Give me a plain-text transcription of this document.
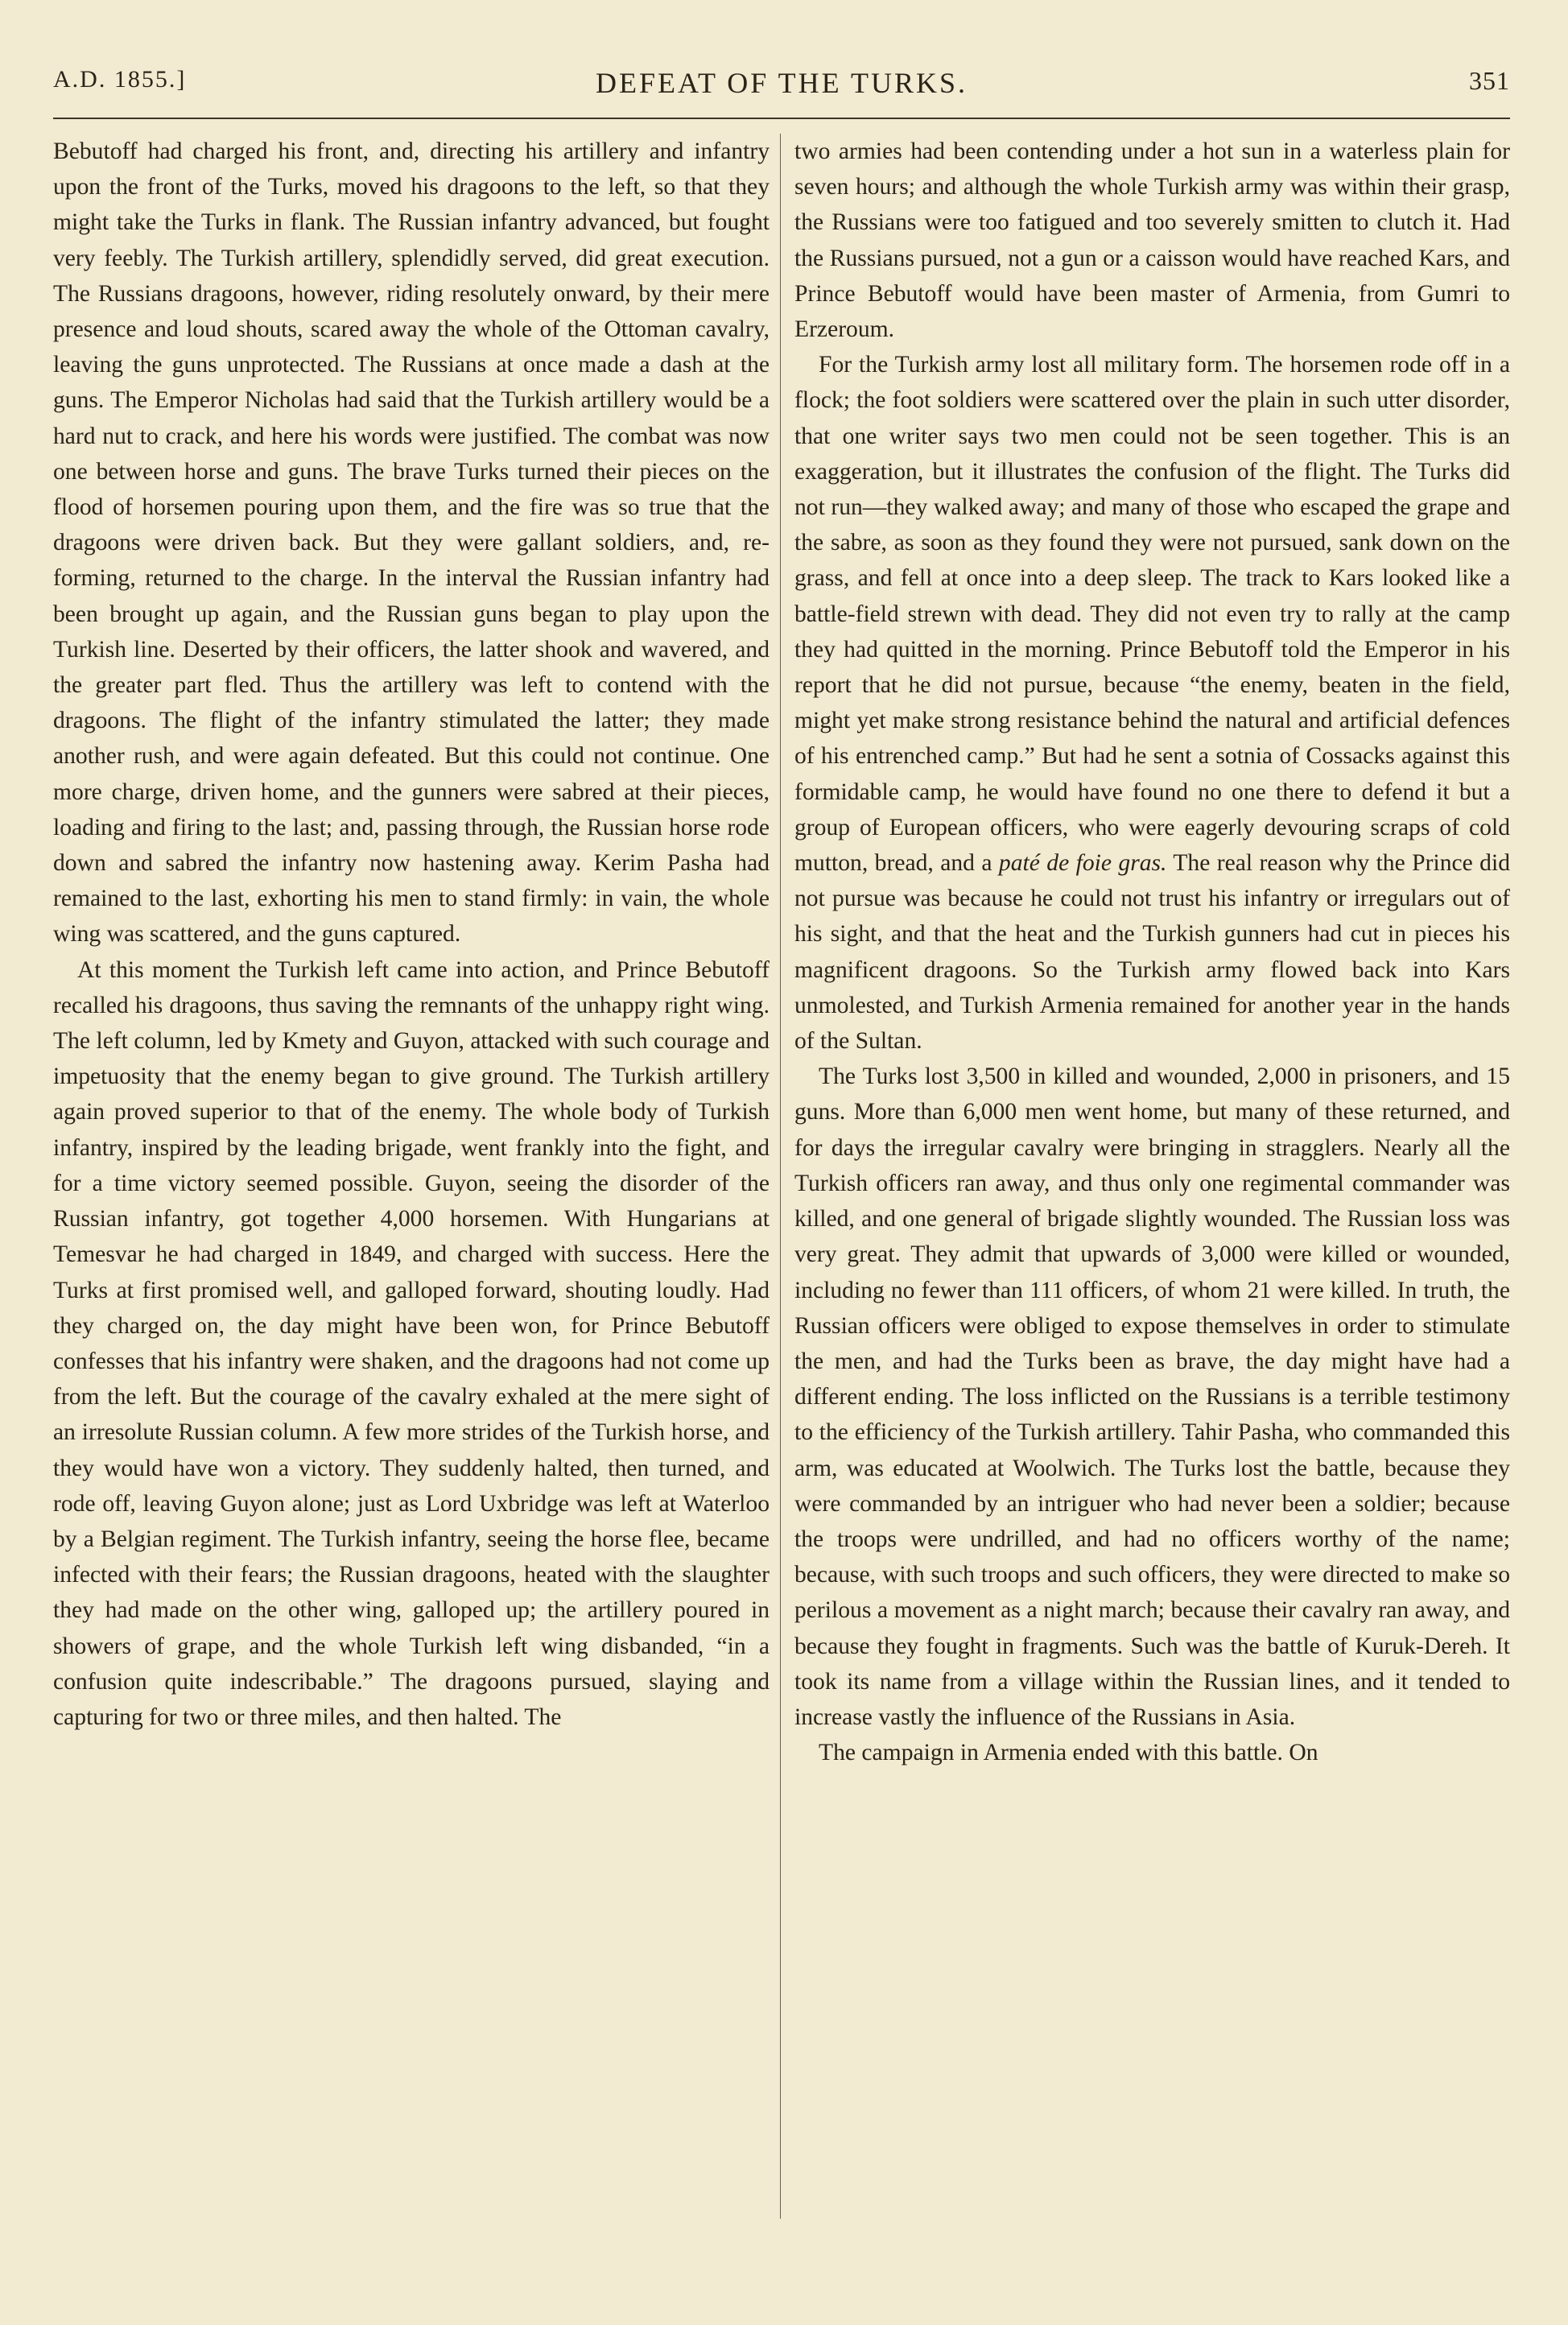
A.D. 1855.]	DEFEAT OF THE TURKS.	351

Bebutoff had charged his front, and, directing his artillery and infantry upon the front of the Turks, moved his dragoons to the left, so that they might take the Turks in flank. The Russian infantry advanced, but fought very feebly. The Turkish artillery, splendidly served, did great execution. The Russians dragoons, however, riding resolutely onward, by their mere presence and loud shouts, scared away the whole of the Ottoman cavalry, leaving the guns unprotected. The Russians at once made a dash at the guns. The Emperor Nicholas had said that the Turkish artillery would be a hard nut to crack, and here his words were justified. The combat was now one between horse and guns. The brave Turks turned their pieces on the flood of horsemen pouring upon them, and the fire was so true that the dragoons were driven back. But they were gallant soldiers, and, re-forming, returned to the charge. In the interval the Russian infantry had been brought up again, and the Russian guns began to play upon the Turkish line. Deserted by their officers, the latter shook and wavered, and the greater part fled. Thus the artillery was left to contend with the dragoons. The flight of the infantry stimulated the latter; they made another rush, and were again defeated. But this could not continue. One more charge, driven home, and the gunners were sabred at their pieces, loading and firing to the last; and, passing through, the Russian horse rode down and sabred the infantry now hastening away. Kerim Pasha had remained to the last, exhorting his men to stand firmly: in vain, the whole wing was scattered, and the guns captured.

At this moment the Turkish left came into action, and Prince Bebutoff recalled his dragoons, thus saving the remnants of the unhappy right wing. The left column, led by Kmety and Guyon, attacked with such courage and impetuosity that the enemy began to give ground. The Turkish artillery again proved superior to that of the enemy. The whole body of Turkish infantry, inspired by the leading brigade, went frankly into the fight, and for a time victory seemed possible. Guyon, seeing the disorder of the Russian infantry, got together 4,000 horsemen. With Hungarians at Temesvar he had charged in 1849, and charged with success. Here the Turks at first promised well, and galloped forward, shouting loudly. Had they charged on, the day might have been won, for Prince Bebutoff confesses that his infantry were shaken, and the dragoons had not come up from the left. But the courage of the cavalry exhaled at the mere sight of an irresolute Russian column. A few more strides of the Turkish horse, and they would have won a victory. They suddenly halted, then turned, and rode off, leaving Guyon alone; just as Lord Uxbridge was left at Waterloo by a Belgian regiment. The Turkish infantry, seeing the horse flee, became infected with their fears; the Russian dragoons, heated with the slaughter they had made on the other wing, galloped up; the artillery poured in showers of grape, and the whole Turkish left wing disbanded, “in a confusion quite indescribable.” The dragoons pursued, slaying and capturing for two or three miles, and then halted. The

two armies had been contending under a hot sun in a waterless plain for seven hours; and although the whole Turkish army was within their grasp, the Russians were too fatigued and too severely smitten to clutch it. Had the Russians pursued, not a gun or a caisson would have reached Kars, and Prince Bebutoff would have been master of Armenia, from Gumri to Erzeroum.

For the Turkish army lost all military form. The horsemen rode off in a flock; the foot soldiers were scattered over the plain in such utter disorder, that one writer says two men could not be seen together. This is an exaggeration, but it illustrates the confusion of the flight. The Turks did not run—they walked away; and many of those who escaped the grape and the sabre, as soon as they found they were not pursued, sank down on the grass, and fell at once into a deep sleep. The track to Kars looked like a battle-field strewn with dead. They did not even try to rally at the camp they had quitted in the morning. Prince Bebutoff told the Emperor in his report that he did not pursue, because “the enemy, beaten in the field, might yet make strong resistance behind the natural and artificial defences of his entrenched camp.” But had he sent a sotnia of Cossacks against this formidable camp, he would have found no one there to defend it but a group of European officers, who were eagerly devouring scraps of cold mutton, bread, and a paté de foie gras. The real reason why the Prince did not pursue was because he could not trust his infantry or irregulars out of his sight, and that the heat and the Turkish gunners had cut in pieces his magnificent dragoons. So the Turkish army flowed back into Kars unmolested, and Turkish Armenia remained for another year in the hands of the Sultan.

The Turks lost 3,500 in killed and wounded, 2,000 in prisoners, and 15 guns. More than 6,000 men went home, but many of these returned, and for days the irregular cavalry were bringing in stragglers. Nearly all the Turkish officers ran away, and thus only one regimental commander was killed, and one general of brigade slightly wounded. The Russian loss was very great. They admit that upwards of 3,000 were killed or wounded, including no fewer than 111 officers, of whom 21 were killed. In truth, the Russian officers were obliged to expose themselves in order to stimulate the men, and had the Turks been as brave, the day might have had a different ending. The loss inflicted on the Russians is a terrible testimony to the efficiency of the Turkish artillery. Tahir Pasha, who commanded this arm, was educated at Woolwich. The Turks lost the battle, because they were commanded by an intriguer who had never been a soldier; because the troops were undrilled, and had no officers worthy of the name; because, with such troops and such officers, they were directed to make so perilous a movement as a night march; because their cavalry ran away, and because they fought in fragments. Such was the battle of Kuruk-Dereh. It took its name from a village within the Russian lines, and it tended to increase vastly the influence of the Russians in Asia.

The campaign in Armenia ended with this battle. On
